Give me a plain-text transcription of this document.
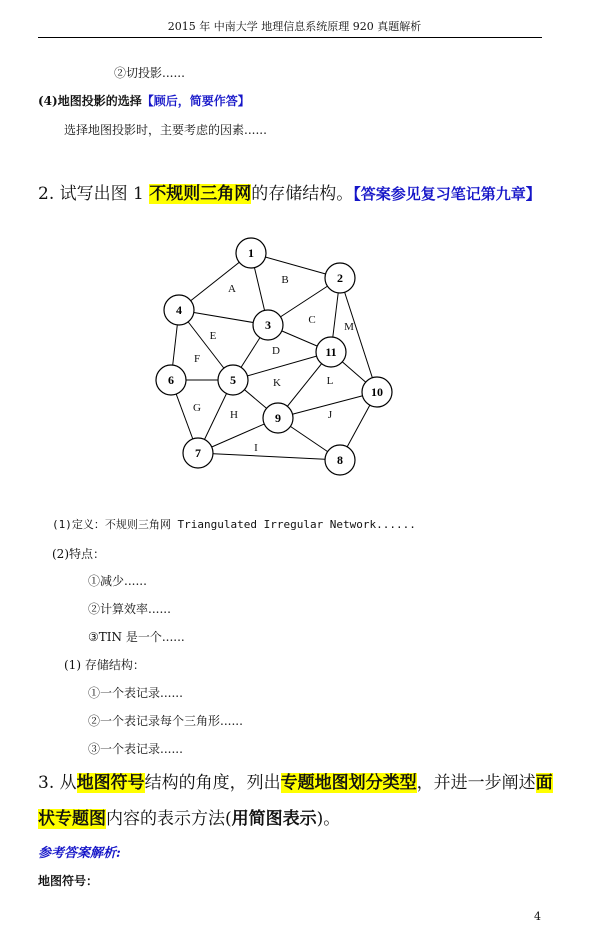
2015 年 中南大学 地理信息系统原理 920 真题解析
②切投影......
(4)地图投影的选择【顾后，简要作答】
选择地图投影时，主要考虑的因素......
2. 试写出图 1 不规则三角网的存储结构。【答案参见复习笔记第九章】
A
B
C
D
E
F
G
H
I
J
K	L
M
1
2
3
4
5
6
7	8
9
10
11
(1)定义：不规则三角网 Triangulated Irregular Network......
(2)特点：
①减少......
②计算效率......
③TIN 是一个......
(1) 存储结构：
①一个表记录......
②一个表记录每个三角形......
③一个表记录......
3. 从地图符号结构的角度，列出专题地图划分类型，并进一步阐述面
状专题图内容的表示方法(用简图表示)。
参考答案解析:
地图符号：
4
